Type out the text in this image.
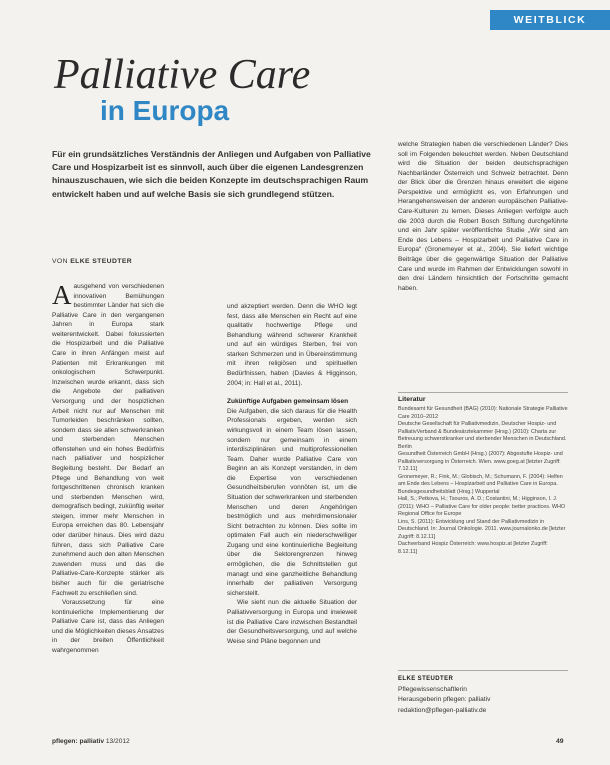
WEITBLICK
Palliative Care
in Europa
Für ein grundsätzliches Verständnis der Anliegen und Aufgaben von Palliative Care und Hospizarbeit ist es sinnvoll, auch über die eigenen Landesgrenzen hinauszuschauen, wie sich die beiden Konzepte im deutschsprachigen Raum entwickelt haben und auf welche Basis sie sich grundlegend stützen.
VON ELKE STEUDTER

Aausgehend von verschiedenen innovativen Bemühungen bestimmter Länder hat sich die Palliative Care in den vergangenen Jahren in Europa stark weiterentwickelt. Dabei fokussierten die Hospizarbeit und die Palliative Care in ihren Anfängen meist auf Patienten mit Erkrankungen mit onkologischem Schwerpunkt. Inzwischen wurde erkannt, dass sich die Angebote der palliativen Versorgung und der hospizlichen Arbeit nicht nur auf Menschen mit Tumorleiden beschränken sollten, sondern dass sie allen schwerkranken und sterbenden Menschen offenstehen und ein hohes Bedürfnis nach palliativer und hospizlicher Begleitung besteht. Der Bedarf an Pflege und Behandlung von weit fortgeschrittenen chronisch kranken und sterbenden Menschen wird, demografisch bedingt, zukünftig weiter steigen, immer mehr Menschen in Europa erreichen das 80. Lebensjahr oder darüber hinaus. Dies wird dazu führen, dass sich Palliative Care zunehmend auch den alten Menschen zuwenden muss und das die Palliative-Care-Konzepte stärker als bisher auch für die geriatrische Fachwelt zu erschließen sind.

Voraussetzung für eine kontinuierliche Implementierung der Palliative Care ist, dass das Anliegen und die Möglichkeiten dieses Ansatzes in der breiten Öffentlichkeit wahrgenommen

und akzeptiert werden. Denn die WHO legt fest, dass alle Menschen ein Recht auf eine qualitativ hochwertige Pflege und Behandlung während schwerer Krankheit und auf ein würdiges Sterben, frei von starken Schmerzen und in Übereinstimmung mit ihren religiösen und spirituellen Bedürfnissen, haben (Davies & Higginson, 2004; in: Hall et al., 2011).

Zukünftige Aufgaben gemeinsam lösen

Die Aufgaben, die sich daraus für die Health Professionals ergeben, werden sich wirkungsvoll in einem Team lösen lassen, sondern nur gemeinsam in einem interdisziplinären und multiprofessionellen Team. Daher wurde Palliative Care von Beginn an als Konzept verstanden, in dem die Expertise von verschiedenen Gesundheitsberufen vonnöten ist, um die Situation der schwerkranken und sterbenden Menschen und deren Angehörigen bestmöglich und aus mehrdimensionaler Sicht betrachten zu können. Dies sollte im optimalen Fall auch ein niederschwelliger Zugang und eine kontinuierliche Begleitung über die Sektorengrenzen hinweg ermöglichen, die die Schnittstellen gut managt und eine ganzheitliche Behandlung innerhalb der palliativen Versorgung sicherstellt.

Wie sieht nun die aktuelle Situation der Palliativversorgung in Europa und inwieweit ist die Palliative Care inzwischen Bestandteil der Gesundheitsversorgung, und auf welche Weise sind Pläne begonnen und

welche Strategien haben die verschiedenen Länder? Dies soll im Folgenden beleuchtet werden. Neben Deutschland wird die Situation der beiden deutschsprachigen Nachbarländer Österreich und Schweiz betrachtet. Denn der Blick über die Grenzen hinaus erweitert die eigene Perspektive und ermöglicht es, von Erfahrungen und Herangehensweisen der anderen europäischen Palliative-Care-Kulturen zu lernen. Dieses Anliegen verfolgte auch die 2003 durch die Robert Bosch Stiftung durchgeführte und ein Jahr später veröffentlichte Studie „Wir sind am Ende des Lebens – Hospizarbeit und Palliative Care in Europa“ (Gronemeyer et al., 2004). Sie liefert wichtige Beiträge über die gegenwärtige Situation der Palliative Care und wurde im Rahmen der Entwicklungen sowohl in den drei Ländern hinsichtlich der Fortschritte gemacht haben.

Literatur
Bundesamt für Gesundheit (BAG) (2010): Nationale Strategie Palliative Care 2010–2012
Deutsche Gesellschaft für Palliativmedizin, Deutscher Hospiz- und PalliativVerband & Bundesärztekammer (Hrsg.) (2010): Charta zur Betreuung schwerstkranker und sterbender Menschen in Deutschland. Berlin
Gesundheit Österreich GmbH (Hrsg.) (2007): Abgestufte Hospiz- und Palliativversorgung in Österreich. Wien. www.goeg.at [letzter Zugriff: 7.12.11]
Gronemeyer, R.; Fink, M.; Globisch, M.; Schumann, F. (2004): Helfen am Ende des Lebens – Hospizarbeit und Palliative Care in Europa. Bundesgesundheitsblatt (Hrsg.) Wuppertal
Hall, S.; Petkova, H.; Tsouros, A. D.; Costantini, M.; Higginson, I. J. (2011): WHO – Palliative Care for older people: better practices. WHO Regional Office for Europe
Lins, S. (2011): Entwicklung und Stand der Palliativmedizin in Deutschland. In: Journal Onkologie. 2011. www.journalonko.de [letzter Zugriff: 8.12.11]
Dachverband Hospiz Österreich: www.hospiz.at [letzter Zugriff: 8.12.11]
ELKE STEUDTER
Pflegewissenschaftlerin
Herausgeberin pflegen: palliativ
redaktion@pflegen-palliativ.de
pflegen: palliativ 13/2012	49
